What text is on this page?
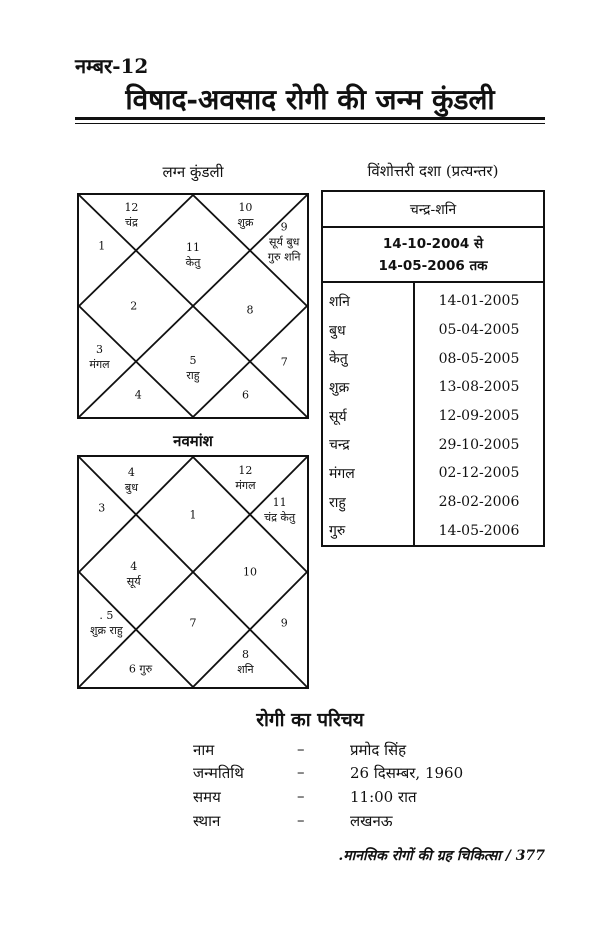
नम्बर-12
विषाद-अवसाद रोगी की जन्म कुंडली
लग्न कुंडली
12
चंद्र
1	11
केतु
10
शुक्र	9
सूर्य बुध
गुरु शनि
2	8
3
मंगल	5
राहु
7
4	6
नवमांश
4
बुध
3
1
12
मंगल
11
चंद्र केतु
4
सूर्य
10
. 5
शुक्र राहु
7	9
6 गुरु
8
शनि
विंशोत्तरी दशा (प्रत्यन्तर)
चन्द्र-शनि	

14-10-2004 से
14-05-2006 तक	

शनि	14-01-2005
बुध	05-04-2005
केतु	08-05-2005
शुक्र	13-08-2005
सूर्य	12-09-2005
चन्द्र	29-10-2005
मंगल	02-12-2005
राहु	28-02-2006
गुरु	14-05-2006
रोगी का परिचय
नाम	–	प्रमोद सिंह
जन्मतिथि	–	26 दिसम्बर, 1960
समय	–	11:00 रात
स्थान	–	लखनऊ
.मानसिक रोगों की ग्रह चिकित्सा / 377
